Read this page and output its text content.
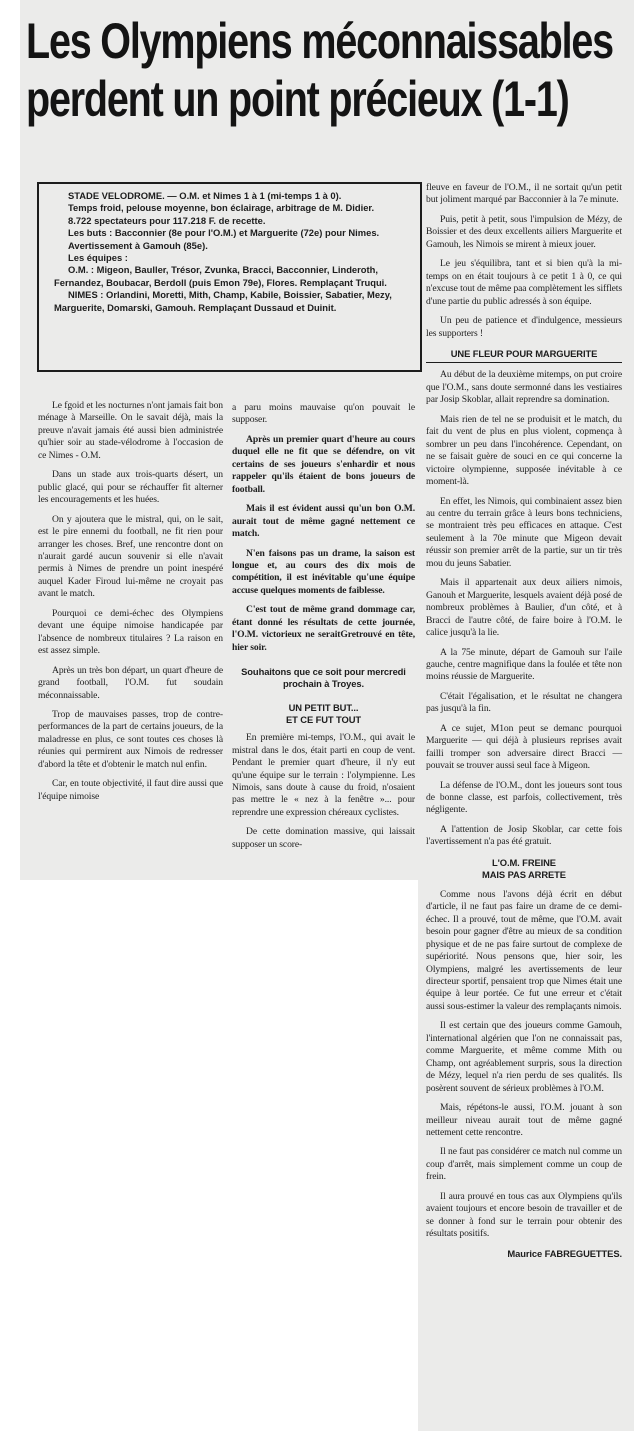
Les Olympiens méconnaissables
perdent un point précieux (1-1)

STADE VELODROME. — O.M. et Nimes 1 à 1 (mi-temps 1 à 0).

Temps froid, pelouse moyenne, bon éclairage, arbitrage de M. Didier.

8.722 spectateurs pour 117.218 F. de recette.

Les buts : Bacconnier (8e pour l'O.M.) et Marguerite (72e) pour Nimes.

Avertissement à Gamouh (85e).

Les équipes :

O.M. : Migeon, Bauller, Trésor, Zvunka, Bracci, Bacconnier, Linderoth, Fernandez, Boubacar, Berdoll (puis Emon 79e), Flores. Remplaçant Truqui.

NIMES : Orlandini, Moretti, Mith, Champ, Kabile, Boissier, Sabatier, Mezy, Marguerite, Domarski, Gamouh. Remplaçant Dussaud et Duinit.

Le fgoid et les nocturnes n'ont jamais fait bon ménage à Marseille. On le savait déjà, mais la preuve n'avait jamais été aussi bien administrée qu'hier soir au stade-vélodrome à l'occasion de ce Nimes - O.M.

Dans un stade aux trois-quarts désert, un public glacé, qui pour se réchauffer fit alterner les encouragements et les huées.

On y ajoutera que le mistral, qui, on le sait, est le pire ennemi du football, ne fit rien pour arranger les choses. Bref, une rencontre dont on n'aurait gardé aucun souvenir si elle n'avait permis à Nimes de prendre un point inespéré auquel Kader Firoud lui-même ne croyait pas avant le match.

Pourquoi ce demi-échec des Olympiens devant une équipe nimoise handicapée par l'absence de nombreux titulaires ? La raison en est assez simple.

Après un très bon départ, un quart d'heure de grand football, l'O.M. fut soudain méconnaissable.

Trop de mauvaises passes, trop de contre-performances de la part de certains joueurs, de la maladresse en plus, ce sont toutes ces choses là réunies qui permirent aux Nimois de redresser d'abord la tête et d'obtenir le match nul enfin.

Car, en toute objectivité, il faut dire aussi que l'équipe nimoise

a paru moins mauvaise qu'on pouvait le supposer.

Après un premier quart d'heure au cours duquel elle ne fit que se défendre, on vit certains de ses joueurs s'enhardir et nous rappeler qu'ils étaient de bons joueurs de football.

Mais il est évident aussi qu'un bon O.M. aurait tout de même gagné nettement ce match.

N'en faisons pas un drame, la saison est longue et, au cours des dix mois de compétition, il est inévitable qu'une équipe accuse quelques moments de faiblesse.

C'est tout de même grand dommage car, étant donné les résultats de cette journée, l'O.M. victorieux ne seraitGretrouvé en tête, hier soir.

Souhaitons que ce soit pour mercredi prochain à Troyes.
UN PETIT BUT...
ET CE FUT TOUT

En première mi-temps, l'O.M., qui avait le mistral dans le dos, était parti en coup de vent. Pendant le premier quart d'heure, il n'y eut qu'une équipe sur le terrain : l'olympienne. Les Nimois, sans doute à cause du froid, n'osaient pas mettre le « nez à la fenêtre »... pour reprendre une expression chéreaux cyclistes.

De cette domination massive, qui laissait supposer un score-

fleuve en faveur de l'O.M., il ne sortait qu'un petit but joliment marqué par Bacconnier à la 7e minute.

Puis, petit à petit, sous l'impulsion de Mézy, de Boissier et des deux excellents ailiers Marguerite et Gamouh, les Nimois se mirent à mieux jouer.

Le jeu s'équilibra, tant et si bien qu'à la mi-temps on en était toujours à ce petit 1 à 0, ce qui n'excuse tout de même paa complètement les sifflets d'une partie du public adressés à son équipe.

Un peu de patience et d'indulgence, messieurs les supporters !

UNE FLEUR POUR MARGUERITE

Au début de la deuxième mitemps, on put croire que l'O.M., sans doute sermonné dans les vestiaires par Josip Skoblar, allait reprendre sa domination.

Mais rien de tel ne se produisit et le match, du fait du vent de plus en plus violent, copmença à sombrer un peu dans l'incohérence. Cependant, on ne se faisait guère de souci en ce qui concerne la victoire olympienne, supposée inévitable à ce moment-là.

En effet, les Nimois, qui combinaient assez bien au centre du terrain grâce à leurs bons techniciens, se montraient très peu efficaces en attaque. C'est seulement à la 70e minute que Migeon devait réussir son premier arrêt de la partie, sur un tir très mou du jeuns Sabatier.

Mais il appartenait aux deux ailiers nimois, Ganouh et Marguerite, lesquels avaient déjà posé de nombreux problèmes à Baulier, d'un côté, et à Bracci de l'autre côté, de faire boire à l'O.M. le calice jusqu'à la lie.

A la 75e minute, départ de Gamouh sur l'aile gauche, centre magnifique dans la foulée et tête non moins réussie de Marguerite.

C'était l'égalisation, et le résultat ne changera pas jusqu'à la fin.

A ce sujet, M1on peut se demanc pourquoi Marguerite — qui déjà à plusieurs reprises avait failli tromper son adversaire direct Bracci — pouvait se trouver aussi seul face à Migeon.

La défense de l'O.M., dont les joueurs sont tous de bonne classe, est parfois, collectivement, très négligente.

A l'attention de Josip Skoblar, car cette fois l'avertissement n'a pas été gratuit.

L'O.M. FREINE
MAIS PAS ARRETE

Comme nous l'avons déjà écrit en début d'article, il ne faut pas faire un drame de ce demi-échec. Il a prouvé, tout de même, que l'O.M. avait besoin pour gagner d'être au mieux de sa condition physique et de ne pas faire surtout de complexe de supériorité. Nous pensons que, hier soir, les Olympiens, malgré les avertissements de leur directeur sportif, pensaient trop que Nimes était une équipe à leur portée. Ce fut une erreur et c'était aussi sous-estimer la valeur des remplaçants nimois.

Il est certain que des joueurs comme Gamouh, l'international algérien que l'on ne connaissait pas, comme Marguerite, et même comme Mith ou Champ, ont agréablement surpris, sous la direction de Mézy, lequel n'a rien perdu de ses qualités. Ils posèrent souvent de sérieux problèmes à l'O.M.

Mais, répétons-le aussi, l'O.M. jouant à son meilleur niveau aurait tout de même gagné nettement cette rencontre.

Il ne faut pas considérer ce match nul comme un coup d'arrêt, mais simplement comme un coup de frein.

Il aura prouvé en tous cas aux Olympiens qu'ils avaient toujours et encore besoin de travailler et de se donner à fond sur le terrain pour obtenir des résultats positifs.

Maurice FABREGUETTES.
